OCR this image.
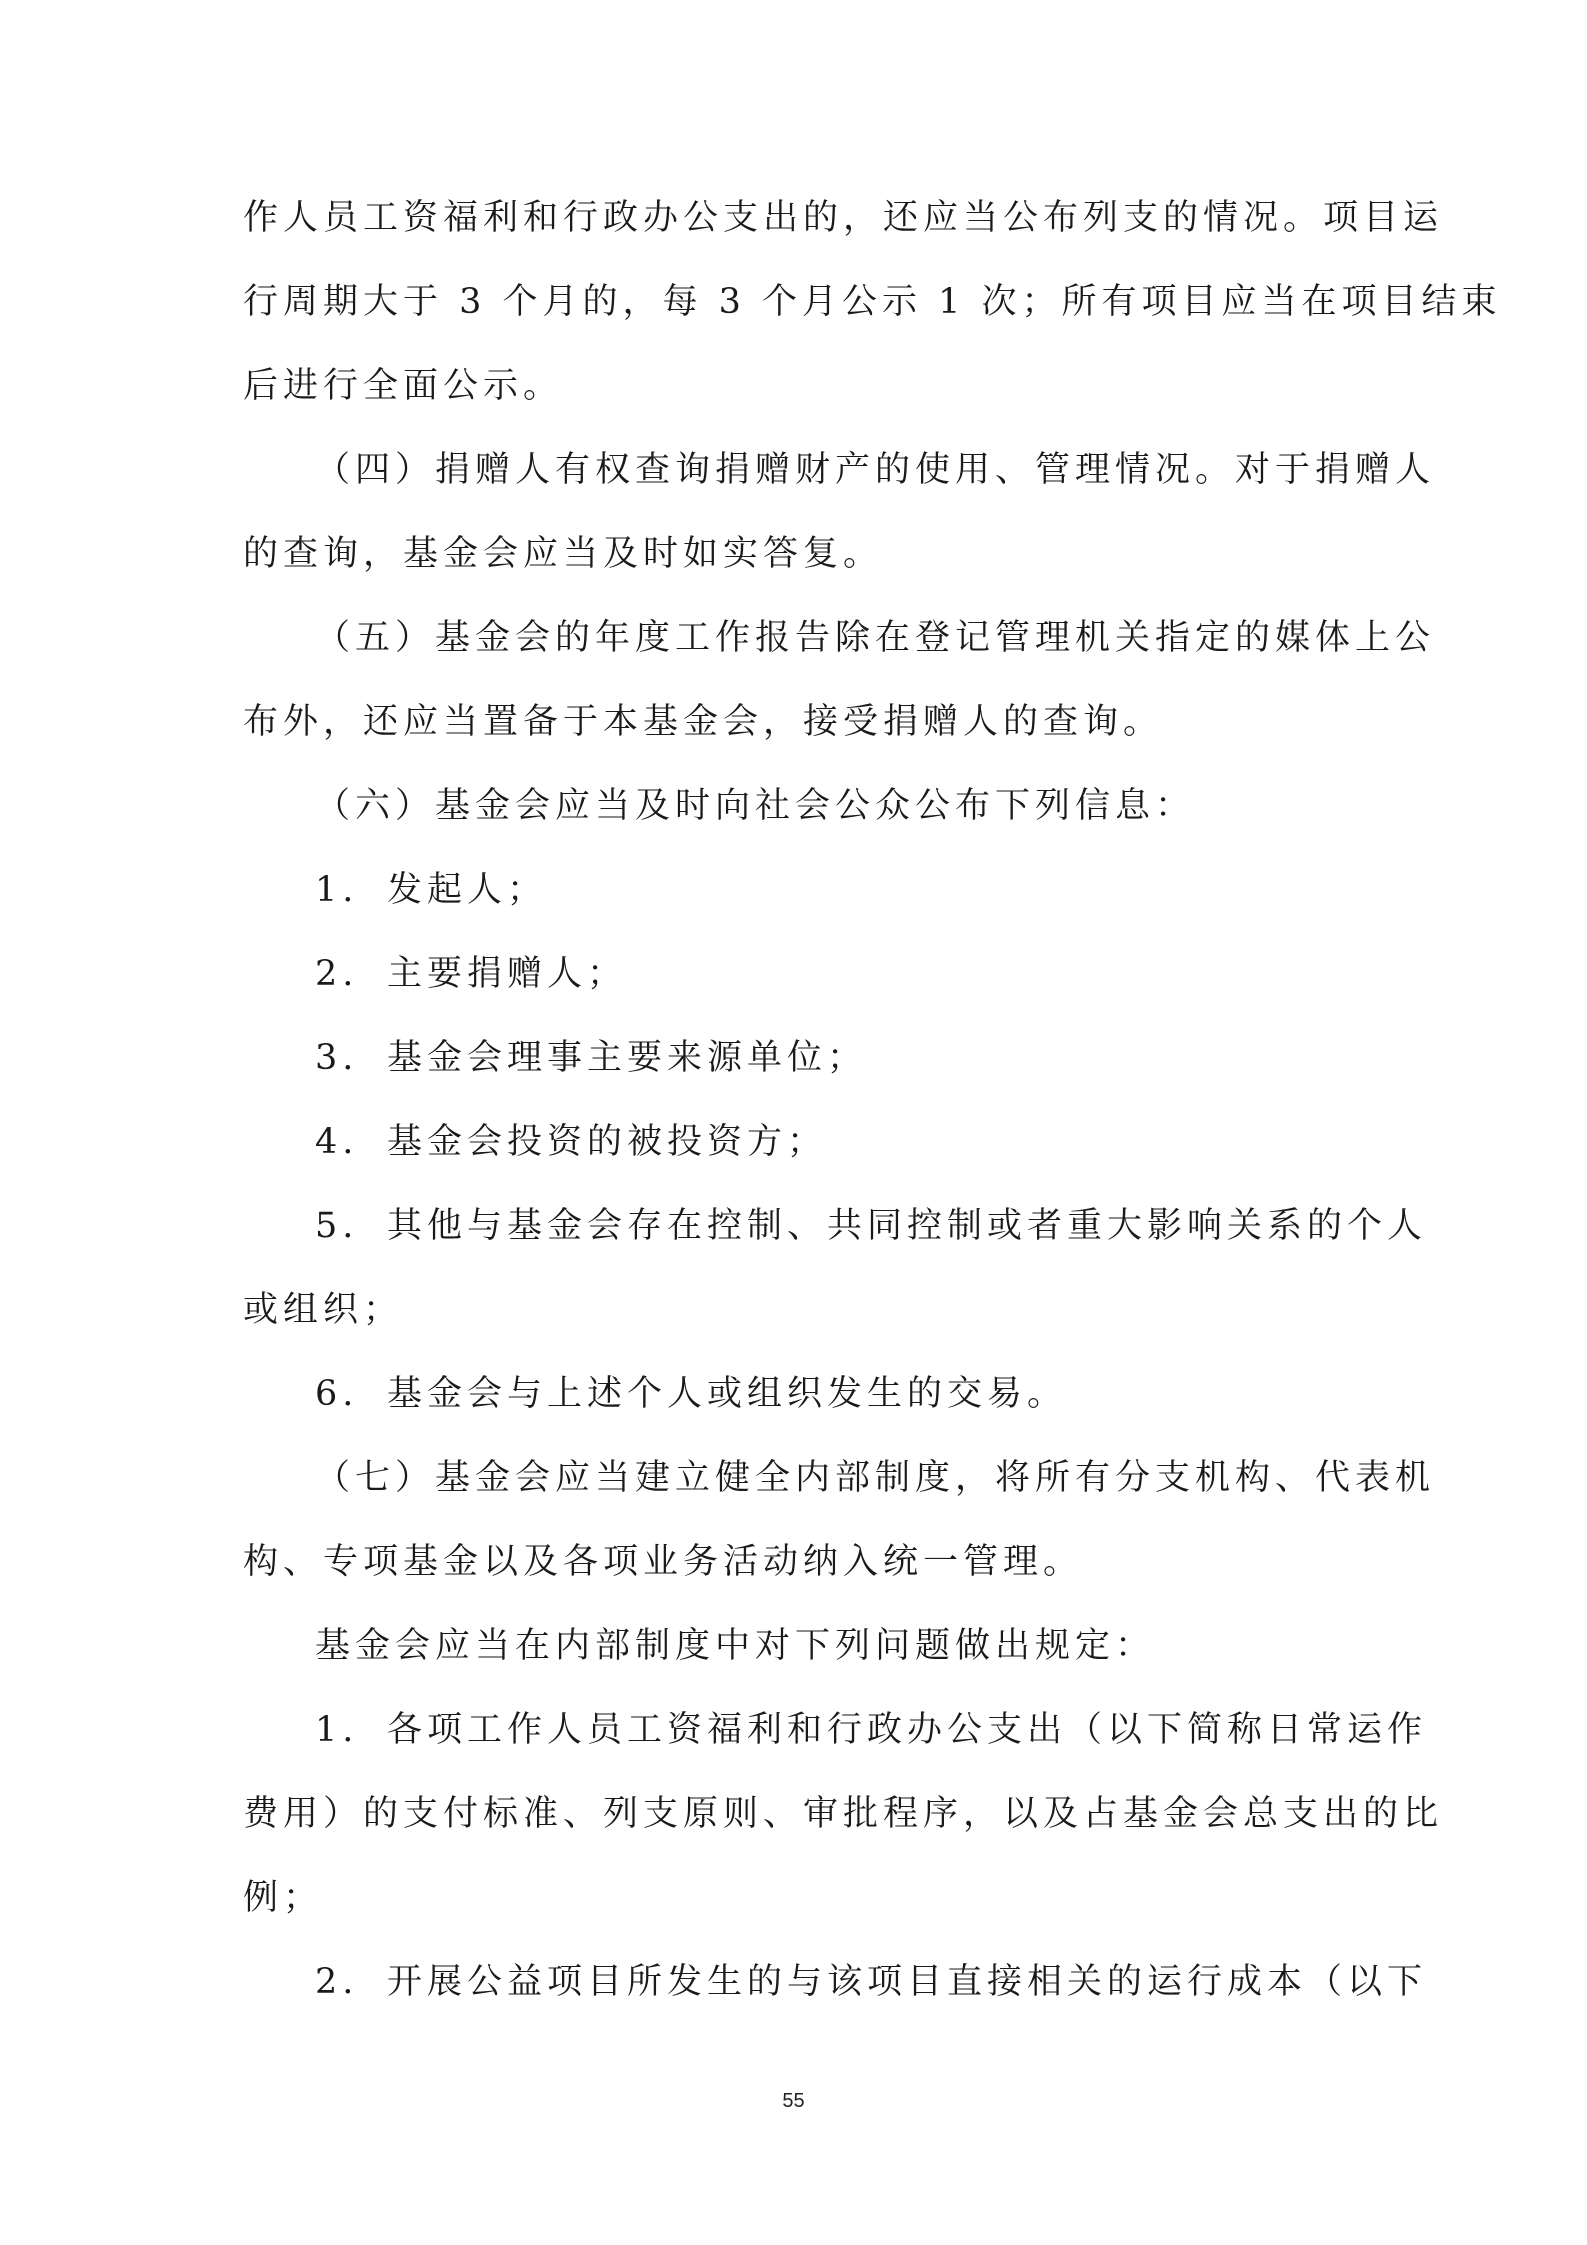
作人员工资福利和行政办公支出的，还应当公布列支的情况。项目运
行周期大于 3 个月的，每 3 个月公示 1 次；所有项目应当在项目结束
后进行全面公示。
（四）捐赠人有权查询捐赠财产的使用、管理情况。对于捐赠人
的查询，基金会应当及时如实答复。
（五）基金会的年度工作报告除在登记管理机关指定的媒体上公
布外，还应当置备于本基金会，接受捐赠人的查询。
（六）基金会应当及时向社会公众公布下列信息：
1. 发起人；
2. 主要捐赠人；
3. 基金会理事主要来源单位；
4. 基金会投资的被投资方；
5. 其他与基金会存在控制、共同控制或者重大影响关系的个人
或组织；
6. 基金会与上述个人或组织发生的交易。
（七）基金会应当建立健全内部制度，将所有分支机构、代表机
构、专项基金以及各项业务活动纳入统一管理。
基金会应当在内部制度中对下列问题做出规定：
1. 各项工作人员工资福利和行政办公支出（以下简称日常运作
费用）的支付标准、列支原则、审批程序，以及占基金会总支出的比
例；
2. 开展公益项目所发生的与该项目直接相关的运行成本（以下
55
